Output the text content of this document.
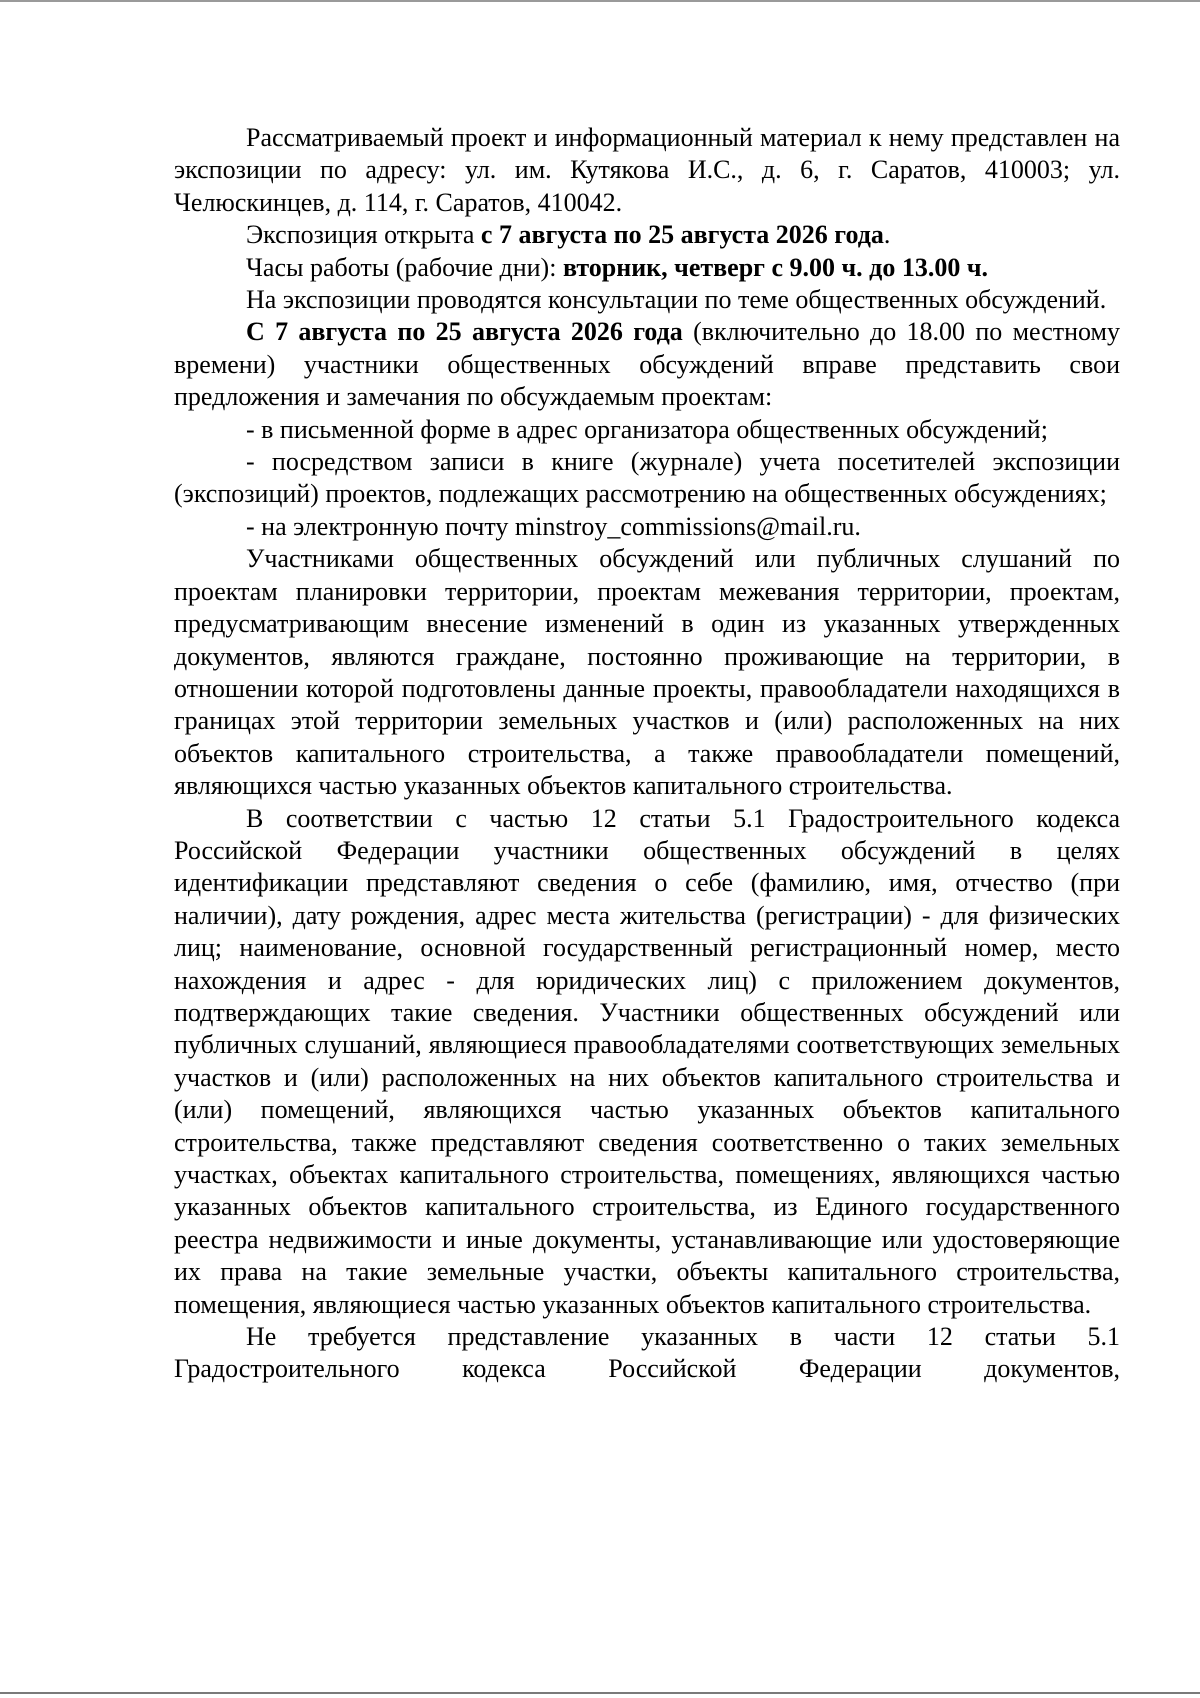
Рассматриваемый проект и информационный материал к нему представлен на экспозиции по адресу: ул. им. Кутякова И.С., д. 6, г. Саратов, 410003; ул. Челюскинцев, д. 114, г. Саратов, 410042.

Экспозиция открыта с 7 августа по 25 августа 2026 года.

Часы работы (рабочие дни): вторник, четверг с 9.00 ч. до 13.00 ч.

На экспозиции проводятся консультации по теме общественных обсуждений.

С 7 августа по 25 августа 2026 года (включительно до 18.00 по местному времени) участники общественных обсуждений вправе представить свои предложения и замечания по обсуждаемым проектам:

- в письменной форме в адрес организатора общественных обсуждений;

- посредством записи в книге (журнале) учета посетителей экспозиции (экспозиций) проектов, подлежащих рассмотрению на общественных обсуждениях;

- на электронную почту minstroy_commissions@mail.ru.

Участниками общественных обсуждений или публичных слушаний по проектам планировки территории, проектам межевания территории, проектам, предусматривающим внесение изменений в один из указанных утвержденных документов, являются граждане, постоянно проживающие на территории, в отношении которой подготовлены данные проекты, правообладатели находящихся в границах этой территории земельных участков и (или) расположенных на них объектов капитального строительства, а также правообладатели помещений, являющихся частью указанных объектов капитального строительства.

В соответствии с частью 12 статьи 5.1 Градостроительного кодекса Российской Федерации участники общественных обсуждений в целях идентификации представляют сведения о себе (фамилию, имя, отчество (при наличии), дату рождения, адрес места жительства (регистрации) - для физических лиц; наименование, основной государственный регистрационный номер, место нахождения и адрес - для юридических лиц) с приложением документов, подтверждающих такие сведения. Участники общественных обсуждений или публичных слушаний, являющиеся правообладателями соответствующих земельных участков и (или) расположенных на них объектов капитального строительства и (или) помещений, являющихся частью указанных объектов капитального строительства, также представляют сведения соответственно о таких земельных участках, объектах капитального строительства, помещениях, являющихся частью указанных объектов капитального строительства, из Единого государственного реестра недвижимости и иные документы, устанавливающие или удостоверяющие их права на такие земельные участки, объекты капитального строительства, помещения, являющиеся частью указанных объектов капитального строительства.

Не требуется представление указанных в части 12 статьи 5.1 Градостроительного кодекса Российской Федерации документов,
